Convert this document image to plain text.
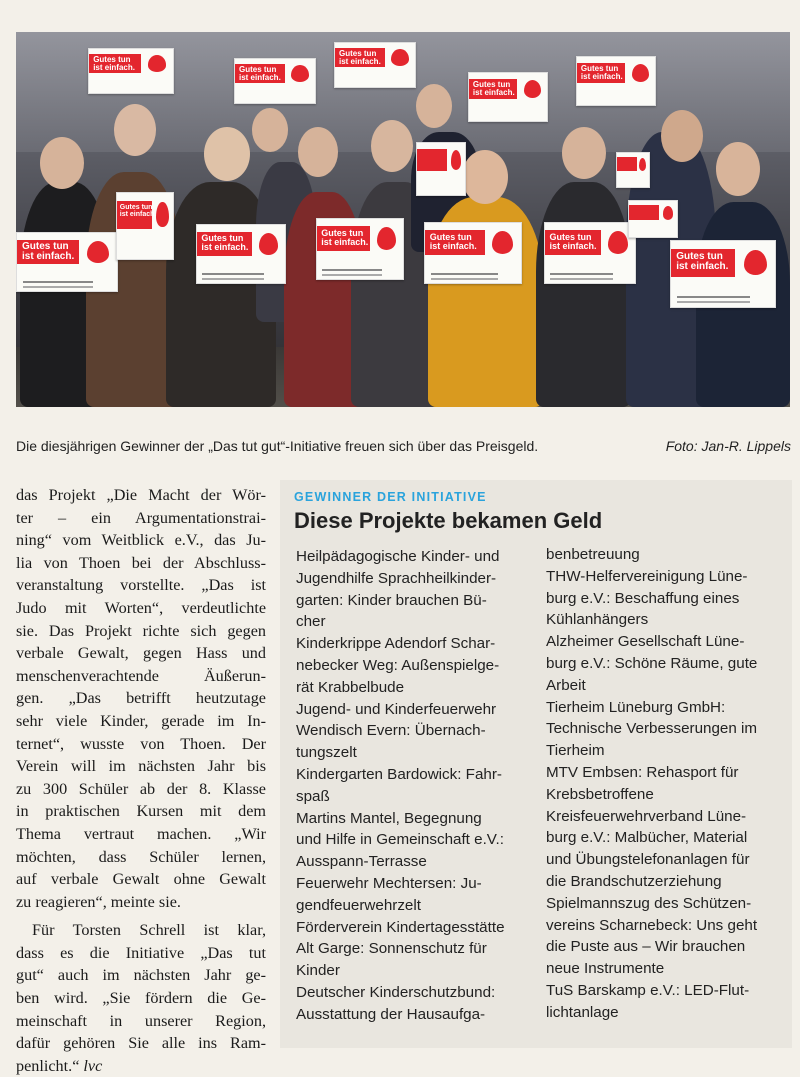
Gutes tun
ist einfach.
Gutes tun
ist einfach.	Gutes tun
ist einfach.
Gutes tun
ist einfach.
Gutes tun
ist einfach.
Gutes tun
ist einfach.
Gutes tun
ist einfach.
Gutes tun
ist einfach.
Gutes tun
ist einfach.	Gutes tun
ist einfach.
Gutes tun
ist einfach.
Gutes tun
ist einfach.
Die diesjährigen Gewinner der „Das tut gut“-Initiative freuen sich über das Preisgeld.	Foto: Jan-R. Lippels

das Projekt „Die Macht der Wör-
ter – ein Argumentationstrai-
ning“ vom Weitblick e.V., das Ju-
lia von Thoen bei der Abschluss-
veranstaltung vorstellte. „Das ist
Judo mit Worten“, verdeutlichte
sie. Das Projekt richte sich gegen
verbale Gewalt, gegen Hass und
menschenverachtende Äußerun-
gen. „Das betrifft heutzutage
sehr viele Kinder, gerade im In-
ternet“, wusste von Thoen. Der
Verein will im nächsten Jahr bis
zu 300 Schüler ab der 8. Klasse
in praktischen Kursen mit dem
Thema vertraut machen. „Wir
möchten, dass Schüler lernen,
auf verbale Gewalt ohne Gewalt
zu reagieren“, meinte sie.

Für Torsten Schrell ist klar,
dass es die Initiative „Das tut
gut“ auch im nächsten Jahr ge-
ben wird. „Sie fördern die Ge-
meinschaft in unserer Region,
dafür gehören Sie alle ins Ram-
penlicht.“ lvc

GEWINNER DER INITIATIVE
Diese Projekte bekamen Geld
Heilpädagogische Kinder- und
Jugendhilfe Sprachheilkinder-
garten: Kinder brauchen Bü-
cher
Kinderkrippe Adendorf Schar-
nebecker Weg: Außenspielge-
rät Krabbelbude
Jugend- und Kinderfeuerwehr
Wendisch Evern: Übernach-
tungszelt
Kindergarten Bardowick: Fahr-
spaß
Martins Mantel, Begegnung
und Hilfe in Gemeinschaft e.V.:
Ausspann-Terrasse
Feuerwehr Mechtersen: Ju-
gendfeuerwehrzelt
Förderverein Kindertagesstätte
Alt Garge: Sonnenschutz für
Kinder
Deutscher Kinderschutzbund:
Ausstattung der Hausaufga-
benbetreuung
THW-Helfervereinigung Lüne-
burg e.V.: Beschaffung eines
Kühlanhängers
Alzheimer Gesellschaft Lüne-
burg e.V.: Schöne Räume, gute
Arbeit
Tierheim Lüneburg GmbH:
Technische Verbesserungen im
Tierheim
MTV Embsen: Rehasport für
Krebsbetroffene
Kreisfeuerwehrverband Lüne-
burg e.V.: Malbücher, Material
und Übungstelefonanlagen für
die Brandschutzerziehung
Spielmannszug des Schützen-
vereins Scharnebeck: Uns geht
die Puste aus – Wir brauchen
neue Instrumente
TuS Barskamp e.V.: LED-Flut-
lichtanlage
